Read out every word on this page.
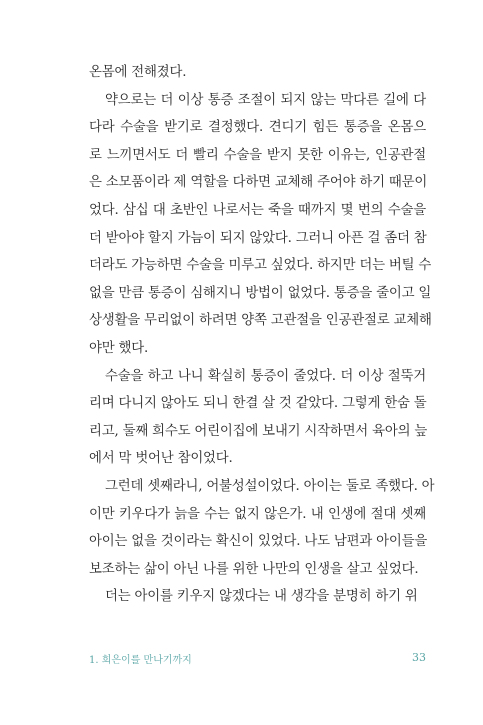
온몸에 전해졌다.
약으로는 더 이상 통증 조절이 되지 않는 막다른 길에 다
다라 수술을 받기로 결정했다. 견디기 힘든 통증을 온몸으
로 느끼면서도 더 빨리 수술을 받지 못한 이유는, 인공관절
은 소모품이라 제 역할을 다하면 교체해 주어야 하기 때문이
었다. 삼십 대 초반인 나로서는 죽을 때까지 몇 번의 수술을
더 받아야 할지 가늠이 되지 않았다. 그러니 아픈 걸 좀더 참
더라도 가능하면 수술을 미루고 싶었다. 하지만 더는 버틸 수
없을 만큼 통증이 심해지니 방법이 없었다. 통증을 줄이고 일
상생활을 무리없이 하려면 양쪽 고관절을 인공관절로 교체해
야만 했다.
수술을 하고 나니 확실히 통증이 줄었다. 더 이상 절뚝거
리며 다니지 않아도 되니 한결 살 것 같았다. 그렇게 한숨 돌
리고, 둘째 희수도 어린이집에 보내기 시작하면서 육아의 늪
에서 막 벗어난 참이었다.
그런데 셋째라니, 어불성설이었다. 아이는 둘로 족했다. 아
이만 키우다가 늙을 수는 없지 않은가. 내 인생에 절대 셋째
아이는 없을 것이라는 확신이 있었다. 나도 남편과 아이들을
보조하는 삶이 아닌 나를 위한 나만의 인생을 살고 싶었다.
더는 아이를 키우지 않겠다는 내 생각을 분명히 하기 위
1. 희은이를 만나기까지	33
